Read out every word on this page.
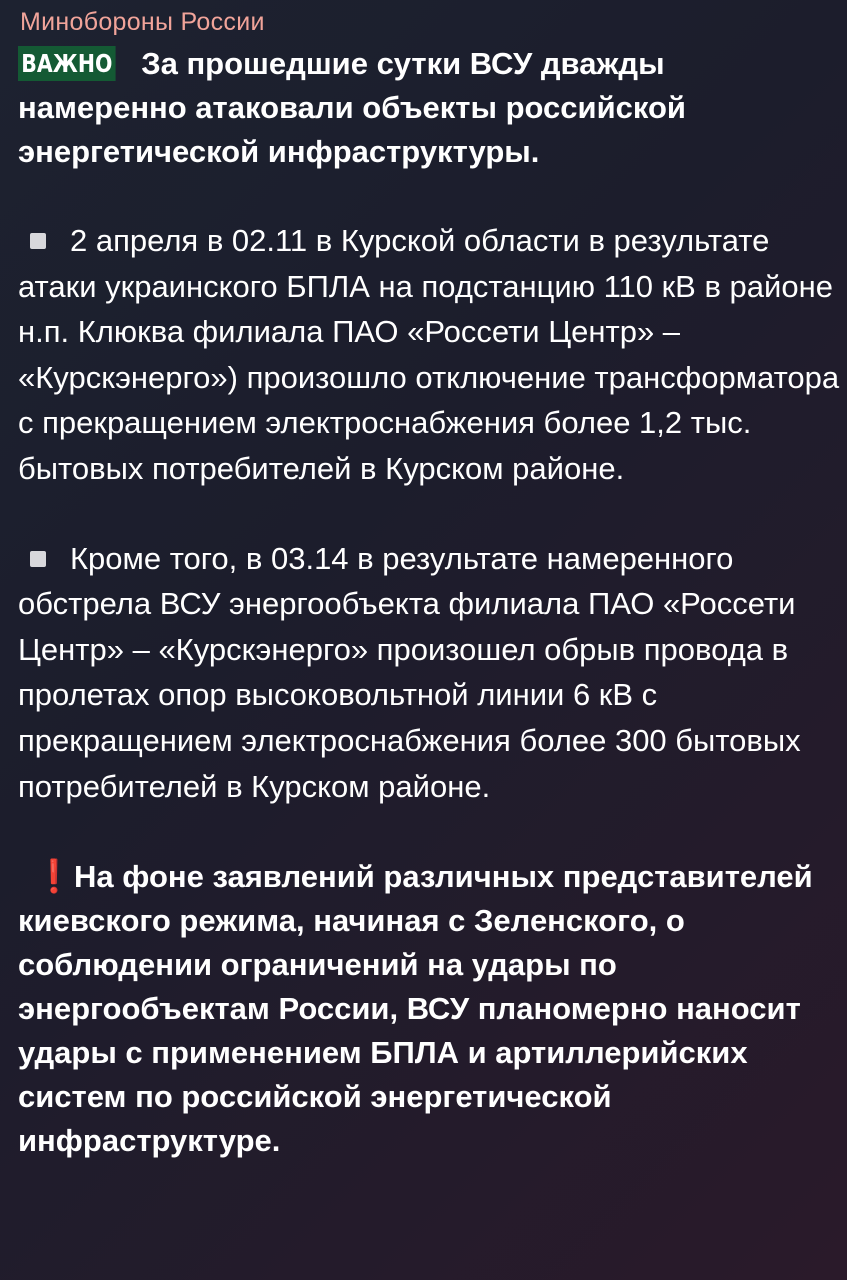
Минобороны России
ВАЖНО За прошедшие сутки ВСУ дважды намеренно атаковали объекты российской энергетической инфраструктуры.
2 апреля в 02.11 в Курской области в результате атаки украинского БПЛА на подстанцию 110 кВ в районе н.п. Клюква филиала ПАО «Россети Центр» – «Курскэнерго») произошло отключение трансформатора с прекращением электроснабжения более 1,2 тыс. бытовых потребителей в Курском районе.
Кроме того, в 03.14 в результате намеренного обстрела ВСУ энергообъекта филиала ПАО «Россети Центр» – «Курскэнерго» произошел обрыв провода в пролетах опор высоковольтной линии 6 кВ с прекращением электроснабжения более 300 бытовых потребителей в Курском районе.
❗На фоне заявлений различных представителей киевского режима, начиная с Зеленского, о соблюдении ограничений на удары по энергообъектам России, ВСУ планомерно наносит удары с применением БПЛА и артиллерийских систем по российской энергетической инфраструктуре.
